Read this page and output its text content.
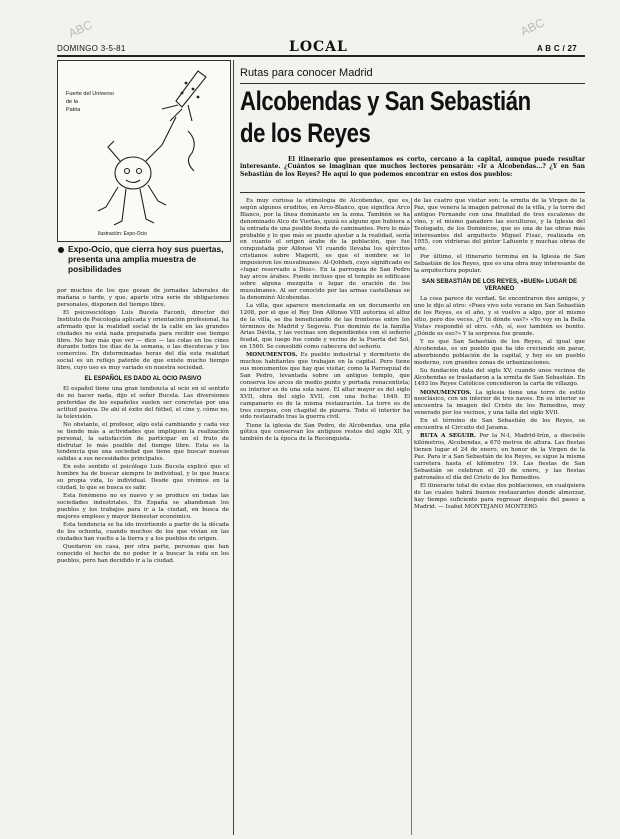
DOMINGO 3-5-81	LOCAL	A B C / 27
ABC	ABC
Fuerte del Universo
de la
Patria
Ilustración: Expo-Ocio
Expo-Ocio, que cierra hoy sus puertas, presenta una amplia muestra de posibilidades

por muchos de los que gozan de jornadas laborales de mañana o tarde, y que, aparte otra serie de obligaciones personales, disponen del tiempo libre.

El psicosociólogo Luis Bucela Faconti, director del Instituto de Psicología aplicada y orientación profesional, ha afirmado que la realidad social de la calle en las grandes ciudades no está nada preparada para recibir ese tiempo libre. No hay más que ver — dice — las colas en los cines durante todos los días de la semana, o las discotecas y los comercios. En determinadas horas del día esta realidad social es un reflejo patente de que existe mucho tiempo libre, cuyo uso es muy variado en nuestra sociedad.

EL ESPAÑOL ES DADO AL OCIO PASIVO

El español tiene una gran tendencia al ocio en el sentido de no hacer nada, dijo el señor Bucela. Las diversiones preferidas de los españoles suelen ser concretas por una actitud pasiva. De ahí el éxito del fútbol, el cine y, cómo no, la televisión.

No obstante, el profesor, algo está cambiando y cada vez se tiende más a actividades que impliquen la realización personal, la satisfacción de participar en el fruto de disfrutar lo más posible del tiempo libre. Esta es la tendencia que una sociedad que tiene que buscar nuevas salidas a sus necesidades principales.

En este sentido el psicólogo Luis Bucela explicó que el hombre ha de buscar siempre lo individual, y lo que busca su propia vida, lo individual. Desde que vivimos en la ciudad, lo que se busca es salir.

Esta fenómeno no es nuevo y se produce en todas las sociedades industriales. En España se abandonan los pueblos y los trabajos para ir a la ciudad, en busca de mejores empleos y mayor bienestar económico.

Esta tendencia se ha ido invirtiendo a partir de la década de los ochenta, cuando muchos de los que vivían en las ciudades han vuelto a la tierra y a los pueblos de origen.

Quedaron en casa, por otra parte, personas que han conocido el hecho de no poder ir a buscar la vida en los pueblos, pero han decidido ir a la ciudad.

Rutas para conocer Madrid
Alcobendas y San Sebastián
de los Reyes
El itinerario que presentamos es corto, cercano a la capital, aunque puede resultar interesante. ¿Cuántos se imaginan que muchos lectores pensarán: «Ir a Alcobendas...? ¿Y en San Sebastián de los Reyes? He aquí lo que podemos encontrar en estos dos pueblos:

Es muy curiosa la etimología de Alcobendas, que es, según algunos eruditos, en Arco-Blanco, que significa Arco Blanco, por la línea dominante en la zona. También se ha denominado Alco de Viertas, quizá es alguno que hubiera a la entrada de una posible fonda de caminantes. Pero lo más probable y lo que más se puede ajustar a la realidad, sería en cuanto el origen árabe de la población, que fue conquistada por Alfonso VI cuando llevaba los ejércitos cristianos sobre Magerit, es que el nombre se lo impusieron los musulmanes: Al-Qobbeh, cuyo significado es «lugar reservado a Dios». En la parroquia de San Pedro hay arcos árabes. Puede incluso que el templo se edificase sobre alguna mezquita o lugar de oración de los musulmanes. Al ser conocido por las armas castellanas se la denominó Alcobendas.

La villa, que aparece mencionada en un documento en 1208, por el que el Rey Don Alfonso VIII autoriza el alfoz de la villa, se iba beneficiando de las fronteras entre los términos de Madrid y Segovia. Fue dominio de la familia Arias Dávila, y las vecinas son dependientes con el señorío feudal, que luego fue conde y vecino de la Puerta del Sol, en 1560. Se consolidó como cabecera del señorío.

MONUMENTOS. Es pueblo industrial y dormitorio de muchos habitantes que trabajan en la capital. Pero tiene sus monumentos que hay que visitar, como la Parroquial de San Pedro, levantada sobre un antiguo templo, que conserva los arcos de medio punto y portada renacentista; su interior es de una sola nave. El altar mayor es del siglo XVII, obra del siglo XVII, con una fecha: 1649. El campanario es de la misma restauración. La torre es de tres cuerpos, con chapitel de pizarra. Todo el interior ha sido restaurado tras la guerra civil.

Tiene la iglesia de San Pedro, de Alcobendas, una pila gótica que conservan los antiguos restos del siglo XII, y también de la época de la Reconquista.

de las cuatro que visitar son: la ermita de la Virgen de la Paz, que venera la imagen patronal de la villa, y la torre del antiguo Fernando con una finalidad de tres escalones de vino, y el mismo ganadero las esculturas, y la Iglesia del Teologado, de los Dominicos, que es una de las obras más interesantes del arquitecto Miguel Fisac, realizada en 1955, con vidrieras del pintor Lafuente y muchas obras de arte.

Por último, el itinerario termina en la Iglesia de San Sebastián de los Reyes, que es una obra muy interesante de la arquitectura popular.

SAN SEBASTIÁN DE LOS REYES, «BUEN» LUGAR DE VERANEO

La cosa parece de verdad. Se encontraron dos amigos, y uno le dijo al otro: «Pues vivo este verano en San Sebastián de los Reyes, es el año, y si vuelvo a algo, por el mismo sitio, pero dos veces. ¿Y tú dónde vas?» «Yo voy en la Bella Vista» respondió el otro. «Ah, sí, eso también es bonito. ¿Dónde es eso?» Y la sorpresa fue grande.

Y es que San Sebastián de los Reyes, al igual que Alcobendas, es un pueblo que ha ido creciendo sin parar, absorbiendo población de la capital, y hoy es un pueblo moderno, con grandes zonas de urbanizaciones.

Su fundación data del siglo XV, cuando unos vecinos de Alcobendas se trasladaron a la ermita de San Sebastián. En 1493 los Reyes Católicos concedieron la carta de villazgo.

MONUMENTOS. La iglesia tiene una torre de estilo neoclásico, con un interior de tres naves. En su interior se encuentra la imagen del Cristo de los Remedios, muy venerado por los vecinos, y una talla del siglo XVII.

En el término de San Sebastián de los Reyes, se encuentra el Circuito del Jarama.

RUTA A SEGUIR. Por la N-I, Madrid-Irún, a dieciséis kilómetros, Alcobendas, a 670 metros de altura. Las fiestas tienen lugar el 24 de enero, en honor de la Virgen de la Paz. Para ir a San Sebastián de los Reyes, se sigue la misma carretera hasta el kilómetro 19. Las fiestas de San Sebastián se celebran el 20 de enero, y las fiestas patronales el día del Cristo de los Remedios.

El itinerario total de estas dos poblaciones, en cualquiera de las cuales habrá buenos restaurantes donde almorzar, hay tiempo suficiente para regresar después del paseo a Madrid. — Isabel MONTEJANO MONTERO.
